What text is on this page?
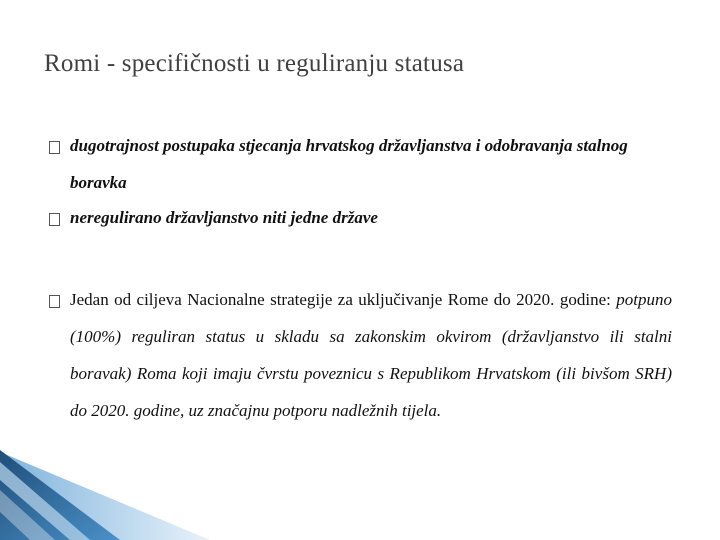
Romi - specifičnosti u reguliranju statusa
dugotrajnost postupaka stjecanja hrvatskog državljanstva i odobravanja stalnog boravka
neregulirano državljanstvo niti jedne države
Jedan od ciljeva Nacionalne strategije za uključivanje Rome do 2020. godine: potpuno (100%) reguliran status u skladu sa zakonskim okvirom (državljanstvo ili stalni boravak) Roma koji imaju čvrstu poveznicu s Republikom Hrvatskom (ili bivšom SRH) do 2020. godine, uz značajnu potporu nadležnih tijela.
